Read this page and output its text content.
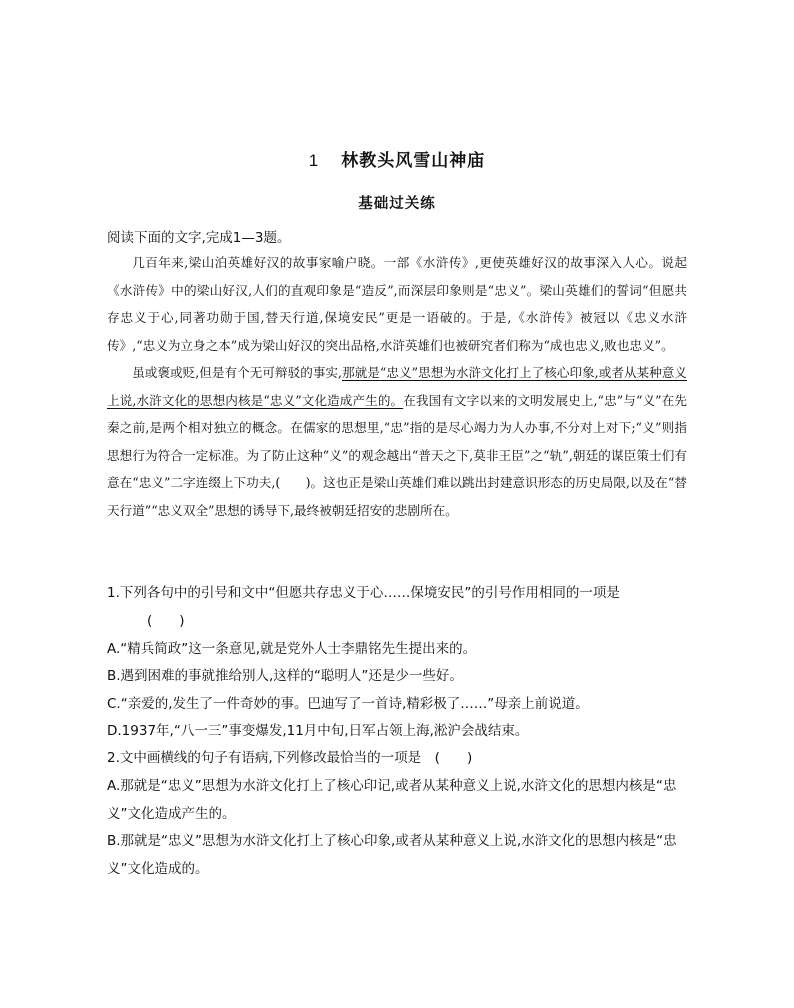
1 林教头风雪山神庙
基础过关练
阅读下面的文字,完成1—3题。

几百年来,梁山泊英雄好汉的故事家喻户晓。一部《水浒传》,更使英雄好汉的故事深入人心。说起《水浒传》中的梁山好汉,人们的直观印象是“造反”,而深层印象则是“忠义”。梁山英雄们的誓词“但愿共存忠义于心,同著功勋于国,替天行道,保境安民”更是一语破的。于是,《水浒传》被冠以《忠义水浒传》,“忠义为立身之本”成为梁山好汉的突出品格,水浒英雄们也被研究者们称为“成也忠义,败也忠义”。

虽或褒或贬,但是有个无可辩驳的事实,那就是“忠义”思想为水浒文化打上了核心印象,或者从某种意义上说,水浒文化的思想内核是“忠义”文化造成产生的。在我国有文字以来的文明发展史上,“忠”与“义”在先秦之前,是两个相对独立的概念。在儒家的思想里,“忠”指的是尽心竭力为人办事,不分对上对下;“义”则指思想行为符合一定标准。为了防止这种“义”的观念越出“普天之下,莫非王臣”之“轨”,朝廷的谋臣策士们有意在“忠义”二字连缀上下功夫,(　　)。这也正是梁山英雄们难以跳出封建意识形态的历史局限,以及在“替天行道”“忠义双全”思想的诱导下,最终被朝廷招安的悲剧所在。

1.下列各句中的引号和文中“但愿共存忠义于心……保境安民”的引号作用相同的一项是
(　　)

A.“精兵简政”这一条意见,就是党外人士李鼎铭先生提出来的。

B.遇到困难的事就推给别人,这样的“聪明人”还是少一些好。

C.“亲爱的,发生了一件奇妙的事。巴迪写了一首诗,精彩极了……”母亲上前说道。

D.1937年,“八一三”事变爆发,11月中旬,日军占领上海,淞沪会战结束。

2.文中画横线的句子有语病,下列修改最恰当的一项是　 (　　)

A.那就是“忠义”思想为水浒文化打上了核心印记,或者从某种意义上说,水浒文化的思想内核是“忠义”文化造成产生的。

B.那就是“忠义”思想为水浒文化打上了核心印象,或者从某种意义上说,水浒文化的思想内核是“忠义”文化造成的。
